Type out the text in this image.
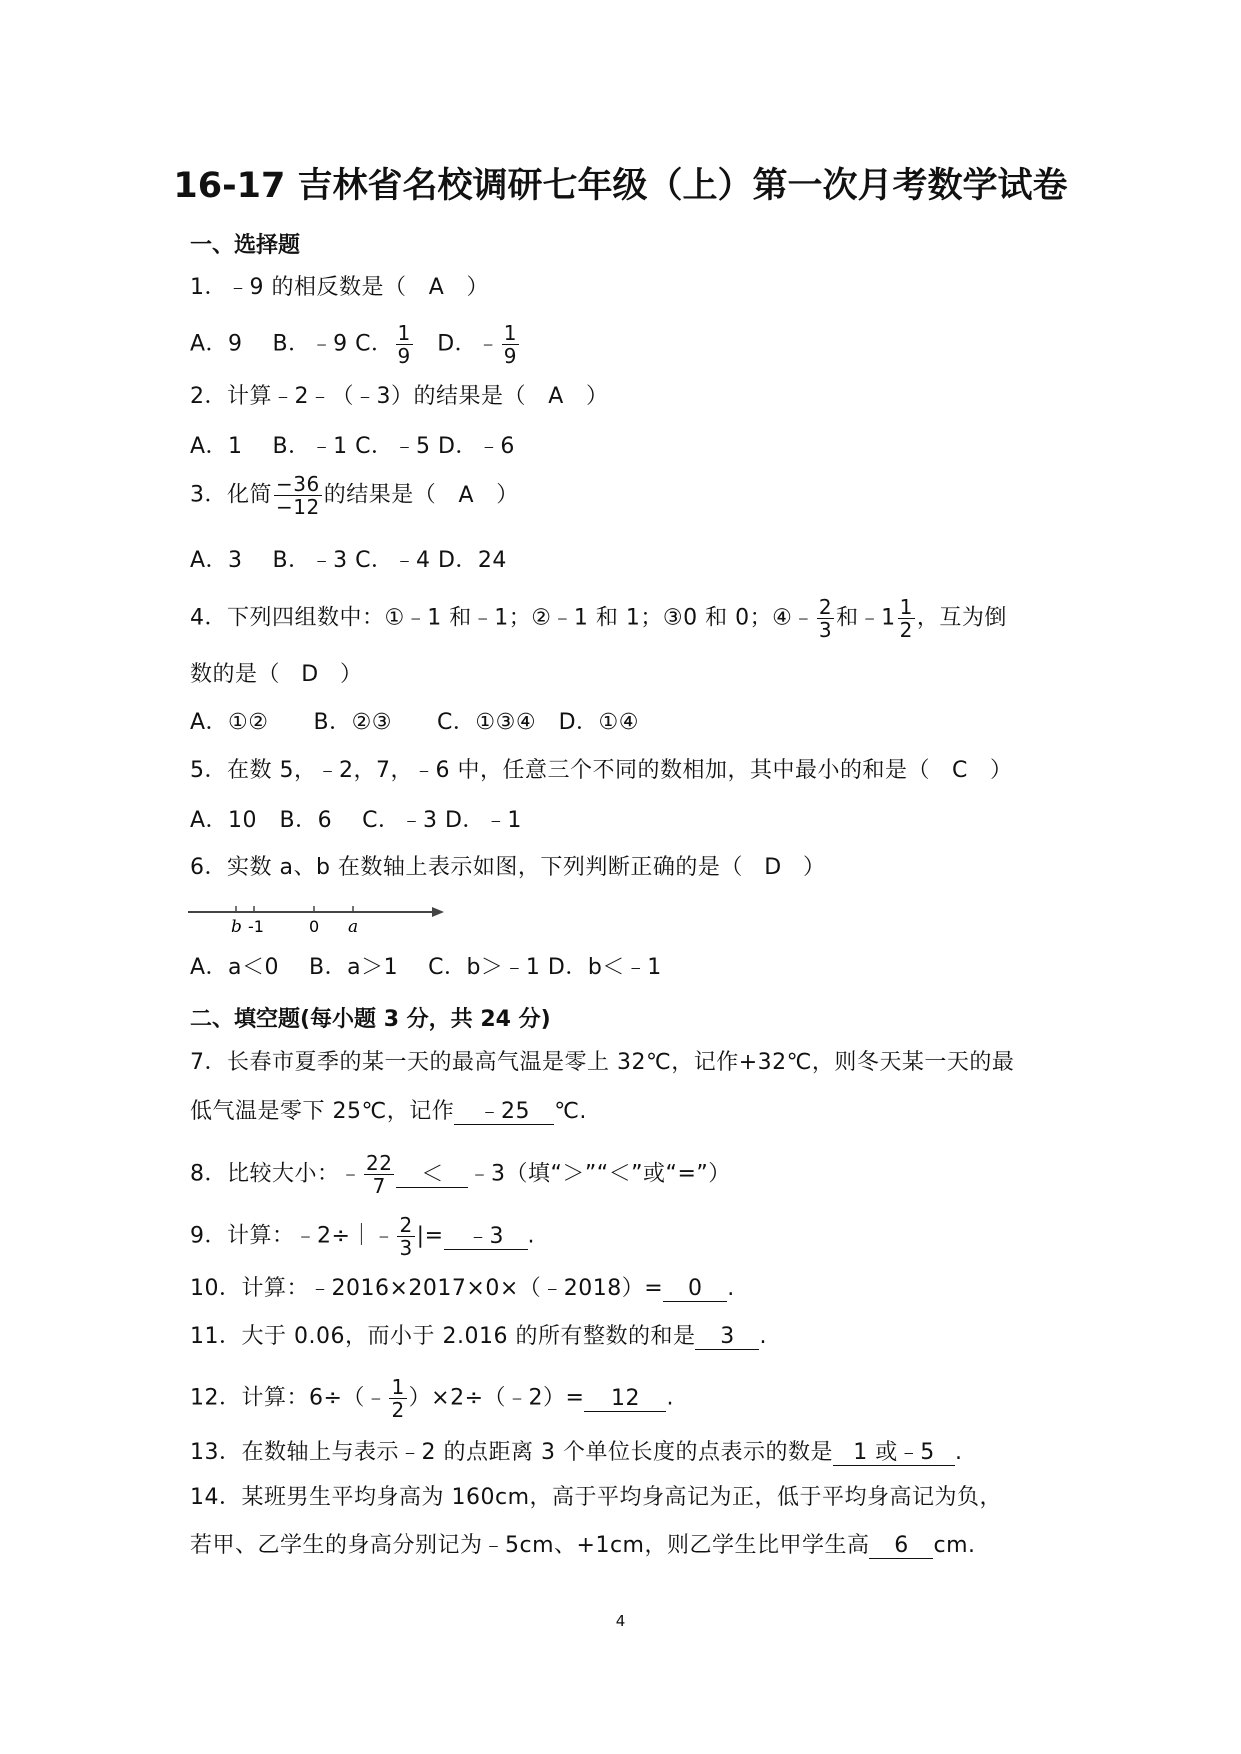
16-17 吉林省名校调研七年级（上）第一次月考数学试卷
一、选择题
1．﹣9 的相反数是（ A ）
A．9　 B．﹣9 C． $\frac{1}{9}$ 　D．﹣ $\frac{1}{9}$
2．计算﹣2﹣（﹣3）的结果是（ A ）
A．1　 B．﹣1 C．﹣5 D．﹣6
3．化简 $\frac{-36}{-12}$ 的结果是（ A ）
A．3　 B．﹣3 C．﹣4 D．24
4．下列四组数中：①﹣1 和﹣1；②﹣1 和 1；③0 和 0；④﹣ $\frac{2}{3}$ 和﹣1 $\frac{1}{2}$ ，互为倒
数的是（ D ）
A．①②　　B．②③　　C．①③④　D．①④
5．在数 5，﹣2，7，﹣6 中，任意三个不同的数相加，其中最小的和是（ C ）
A．10　B．6　 C．﹣3 D．﹣1
6．实数 a、b 在数轴上表示如图，下列判断正确的是（ D ）
b -1	0 a
A．a＜0　 B．a＞1　 C．b＞﹣1 D．b＜﹣1
二、填空题(每小题 3 分，共 24 分)
7．长春市夏季的某一天的最高气温是零上 32℃，记作+32℃，则冬天某一天的最
低气温是零下 25℃，记作 ﹣25 ℃.
8．比较大小：﹣ $\frac{22}{7}$ ＜ ﹣3（填“＞”“＜”或“=”）
9．计算：﹣2÷｜﹣ $\frac{2}{3}$ |= ﹣3 .
10．计算：﹣2016×2017×0×（﹣2018）= 0 .
11．大于 0.06，而小于 2.016 的所有整数的和是 3 .
12．计算：6÷（﹣ $\frac{1}{2}$ ）×2÷（﹣2）= 12 .
13．在数轴上与表示﹣2 的点距离 3 个单位长度的点表示的数是 1 或﹣5 .
14．某班男生平均身高为 160cm，高于平均身高记为正，低于平均身高记为负，
若甲、乙学生的身高分别记为﹣5cm、+1cm，则乙学生比甲学生高 6 cm.
4
